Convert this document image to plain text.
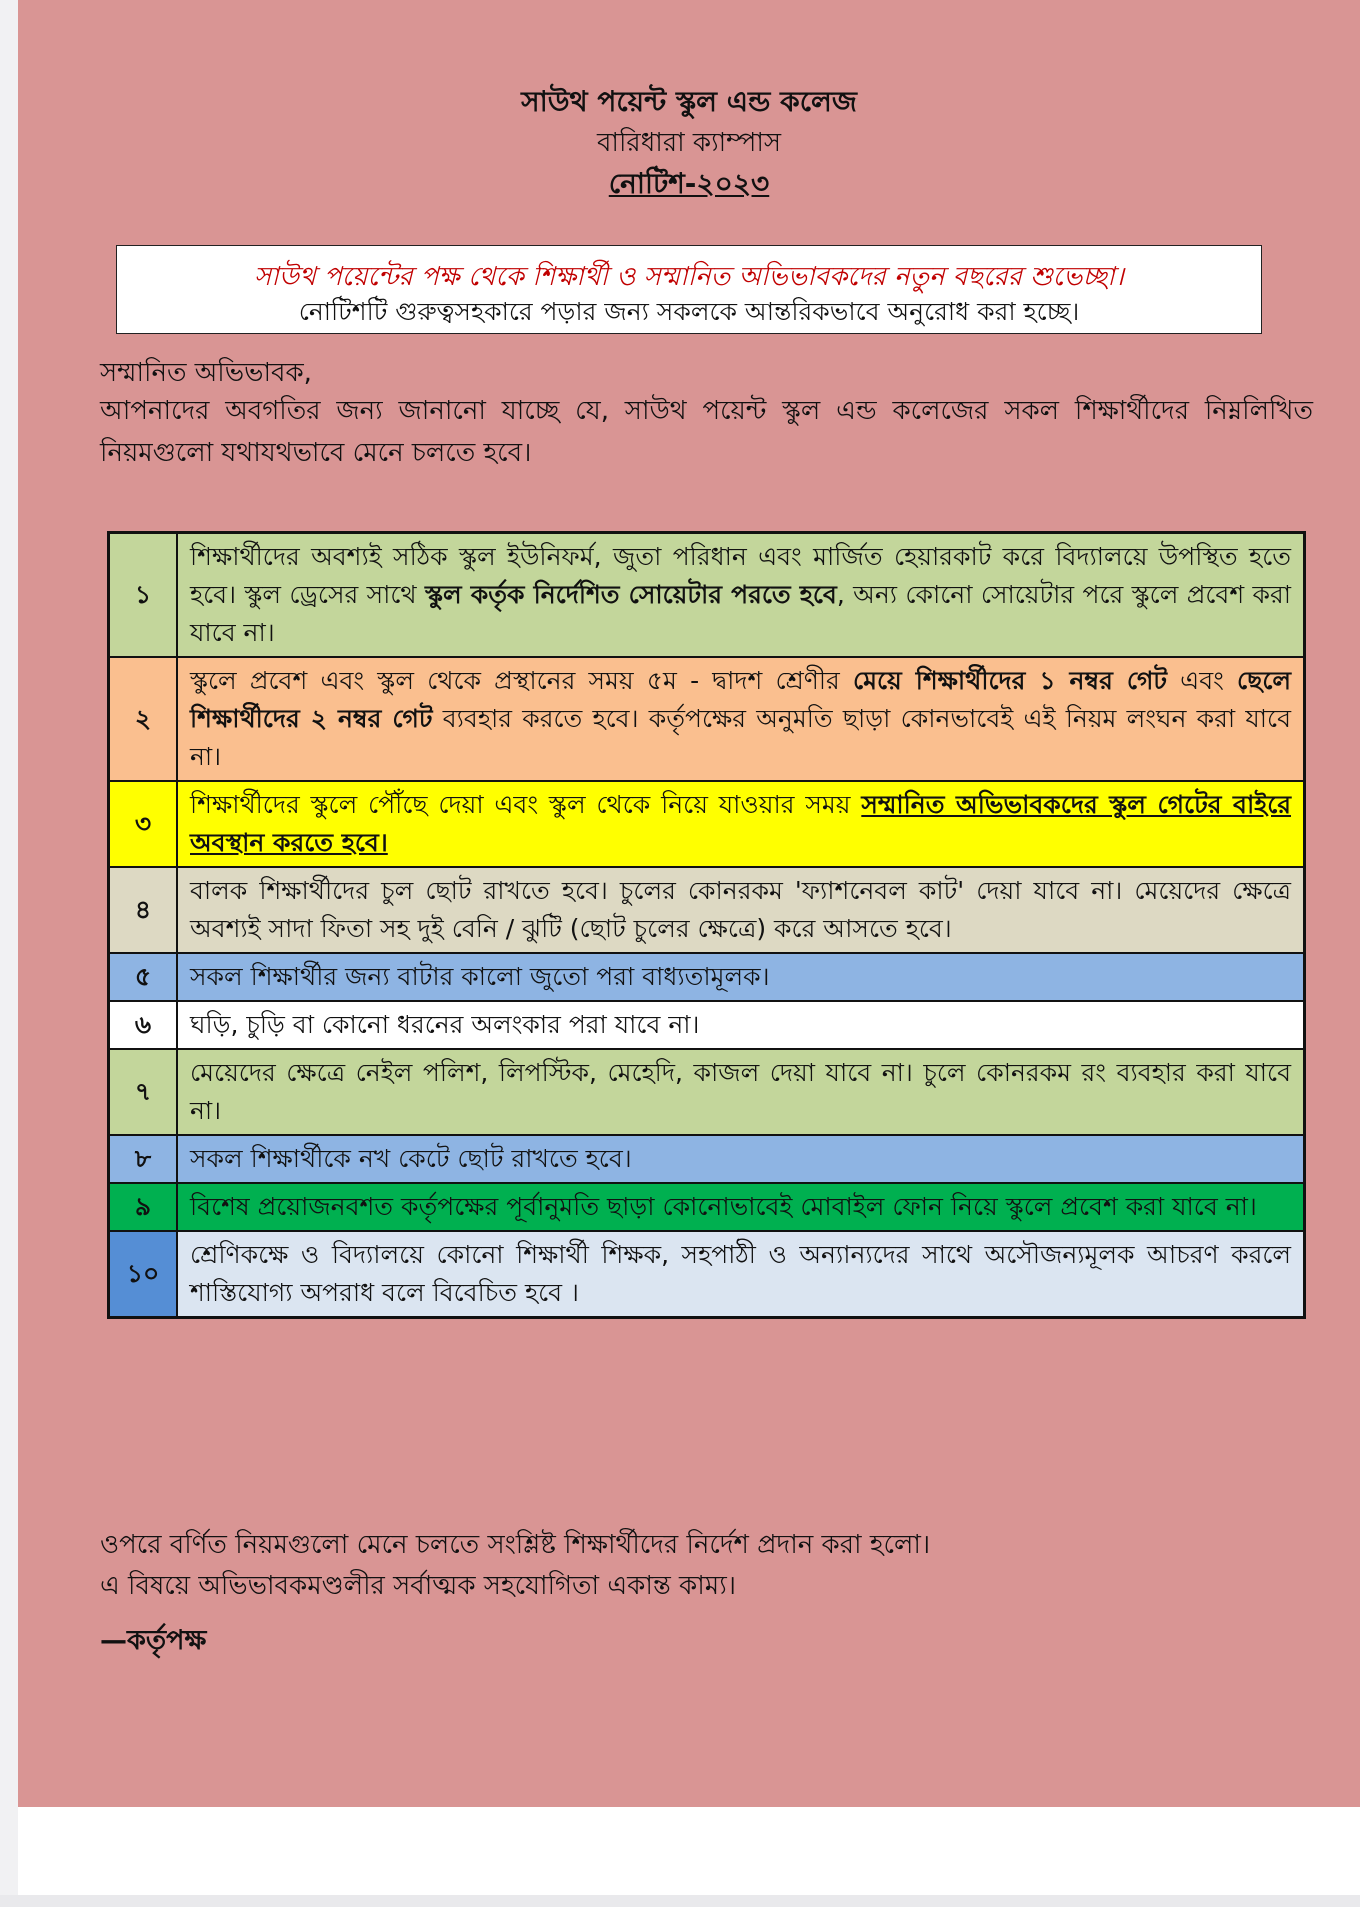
সাউথ পয়েন্ট স্কুল এন্ড কলেজ
বারিধারা ক্যাম্পাস
নোটিশ-২০২৩
সাউথ পয়েন্টের পক্ষ থেকে শিক্ষার্থী ও সম্মানিত অভিভাবকদের নতুন বছরের শুভেচ্ছা।
নোটিশটি গুরুত্বসহকারে পড়ার জন্য সকলকে আন্তরিকভাবে অনুরোধ করা হচ্ছে।
সম্মানিত অভিভাবক,
আপনাদের অবগতির জন্য জানানো যাচ্ছে যে, সাউথ পয়েন্ট স্কুল এন্ড কলেজের সকল শিক্ষার্থীদের নিম্নলিখিত নিয়মগুলো যথাযথভাবে মেনে চলতে হবে।
১	শিক্ষার্থীদের অবশ্যই সঠিক স্কুল ইউনিফর্ম, জুতা পরিধান এবং মার্জিত হেয়ারকাট করে বিদ্যালয়ে উপস্থিত হতে হবে। স্কুল ড্রেসের সাথে স্কুল কর্তৃক নির্দেশিত সোয়েটার পরতে হবে, অন্য কোনো সোয়েটার পরে স্কুলে প্রবেশ করা যাবে না।
২	স্কুলে প্রবেশ এবং স্কুল থেকে প্রস্থানের সময় ৫ম - দ্বাদশ শ্রেণীর মেয়ে শিক্ষার্থীদের ১ নম্বর গেট এবং ছেলে শিক্ষার্থীদের ২ নম্বর গেট ব্যবহার করতে হবে। কর্তৃপক্ষের অনুমতি ছাড়া কোনভাবেই এই নিয়ম লংঘন করা যাবে না।
৩	শিক্ষার্থীদের স্কুলে পৌঁছে দেয়া এবং স্কুল থেকে নিয়ে যাওয়ার সময় সম্মানিত অভিভাবকদের স্কুল গেটের বাইরে অবস্থান করতে হবে।
৪	বালক শিক্ষার্থীদের চুল ছোট রাখতে হবে। চুলের কোনরকম 'ফ্যাশনেবল কাট' দেয়া যাবে না। মেয়েদের ক্ষেত্রে অবশ্যই সাদা ফিতা সহ দুই বেনি / ঝুটি (ছোট চুলের ক্ষেত্রে) করে আসতে হবে।
৫	সকল শিক্ষার্থীর জন্য বাটার কালো জুতো পরা বাধ্যতামূলক।
৬	ঘড়ি, চুড়ি বা কোনো ধরনের অলংকার পরা যাবে না।
৭	মেয়েদের ক্ষেত্রে নেইল পলিশ, লিপস্টিক, মেহেদি, কাজল দেয়া যাবে না। চুলে কোনরকম রং ব্যবহার করা যাবে না।
৮	সকল শিক্ষার্থীকে নখ কেটে ছোট রাখতে হবে।
৯	বিশেষ প্রয়োজনবশত কর্তৃপক্ষের পূর্বানুমতি ছাড়া কোনোভাবেই মোবাইল ফোন নিয়ে স্কুলে প্রবেশ করা যাবে না।
১০	শ্রেণিকক্ষে ও বিদ্যালয়ে কোনো শিক্ষার্থী শিক্ষক, সহপাঠী ও অন্যান্যদের সাথে অসৌজন্যমূলক আচরণ করলে শাস্তিযোগ্য অপরাধ বলে বিবেচিত হবে ।
ওপরে বর্ণিত নিয়মগুলো মেনে চলতে সংশ্লিষ্ট শিক্ষার্থীদের নির্দেশ প্রদান করা হলো।
এ বিষয়ে অভিভাবকমণ্ডলীর সর্বাত্মক সহযোগিতা একান্ত কাম্য।
—কর্তৃপক্ষ
